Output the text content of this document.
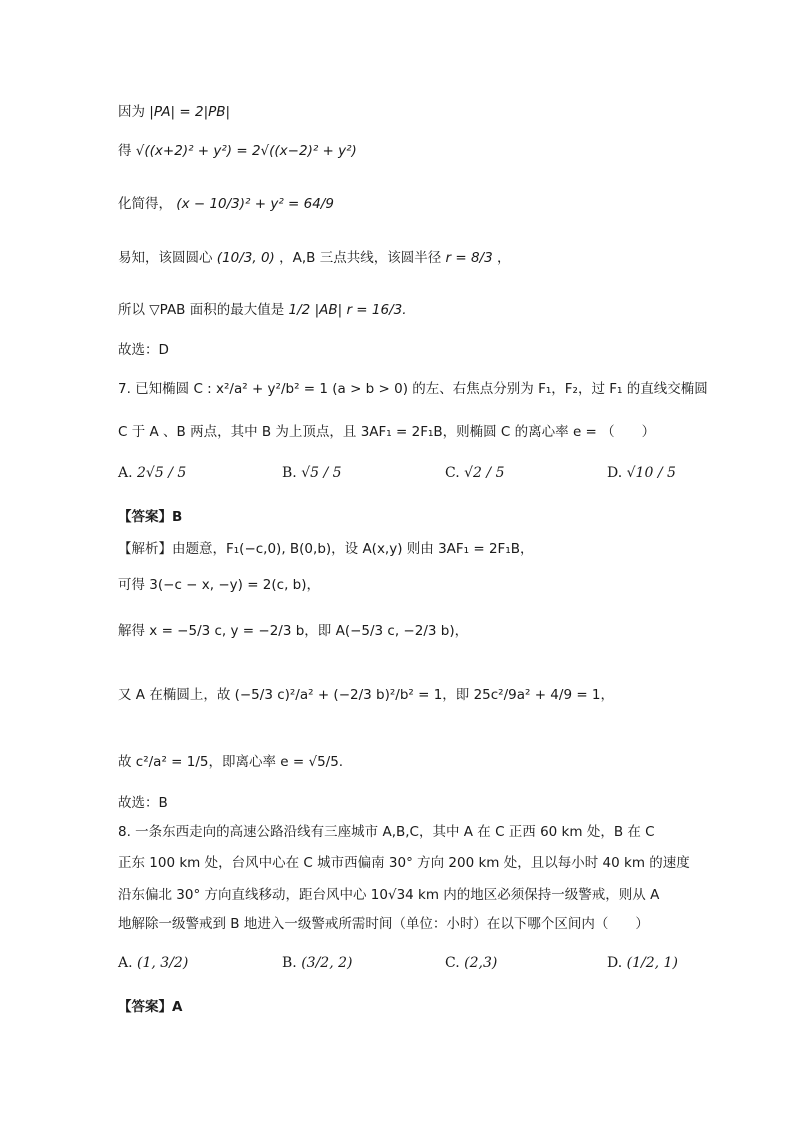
因为 |PA| = 2|PB|
得 √((x+2)² + y²) = 2√((x−2)² + y²)
化简得， (x − 10/3)² + y² = 64/9
易知，该圆圆心 (10/3, 0) ，A,B 三点共线，该圆半径 r = 8/3 ，
所以 ▽PAB 面积的最大值是 1/2 |AB| r = 16/3.
故选：D
7. 已知椭圆 C : x²/a² + y²/b² = 1 (a > b > 0) 的左、右焦点分别为 F₁，F₂，过 F₁ 的直线交椭圆
C 于 A 、B 两点，其中 B 为上顶点，且 3AF₁ = 2F₁B，则椭圆 C 的离心率 e = （　　）
A. 2√5 / 5	B. √5 / 5	C. √2 / 5	D. √10 / 5
【答案】B
【解析】由题意，F₁(−c,0), B(0,b)，设 A(x,y) 则由 3AF₁ = 2F₁B，
可得 3(−c − x, −y) = 2(c, b)，
解得 x = −5/3 c, y = −2/3 b，即 A(−5/3 c, −2/3 b)，
又 A 在椭圆上，故 (−5/3 c)²/a² + (−2/3 b)²/b² = 1，即 25c²/9a² + 4/9 = 1，
故 c²/a² = 1/5，即离心率 e = √5/5.
故选：B
8. 一条东西走向的高速公路沿线有三座城市 A,B,C，其中 A 在 C 正西 60 km 处，B 在 C
正东 100 km 处，台风中心在 C 城市西偏南 30° 方向 200 km 处，且以每小时 40 km 的速度
沿东偏北 30° 方向直线移动，距台风中心 10√34 km 内的地区必须保持一级警戒，则从 A
地解除一级警戒到 B 地进入一级警戒所需时间（单位：小时）在以下哪个区间内（　　）
A. (1, 3/2)	B. (3/2, 2)	C. (2,3)	D. (1/2, 1)
【答案】A
